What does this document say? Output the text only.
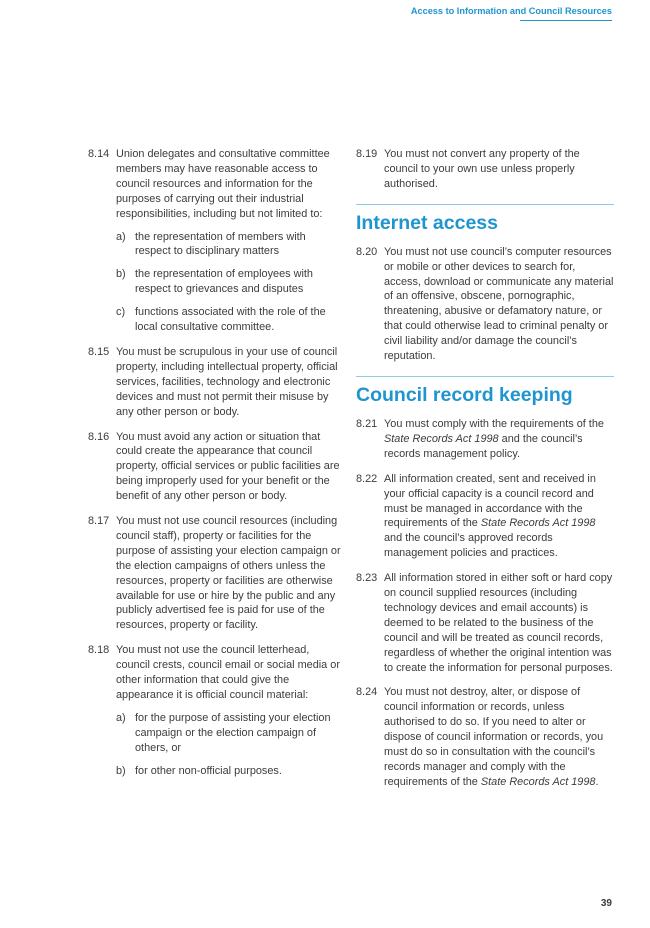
Access to Information and Council Resources
8.14 Union delegates and consultative committee members may have reasonable access to council resources and information for the purposes of carrying out their industrial responsibilities, including but not limited to:

a) the representation of members with respect to disciplinary matters
b) the representation of employees with respect to grievances and disputes
c) functions associated with the role of the local consultative committee.
8.15 You must be scrupulous in your use of council property, including intellectual property, official services, facilities, technology and electronic devices and must not permit their misuse by any other person or body.

8.16 You must avoid any action or situation that could create the appearance that council property, official services or public facilities are being improperly used for your benefit or the benefit of any other person or body.

8.17 You must not use council resources (including council staff), property or facilities for the purpose of assisting your election campaign or the election campaigns of others unless the resources, property or facilities are otherwise available for use or hire by the public and any publicly advertised fee is paid for use of the resources, property or facility.

8.18 You must not use the council letterhead, council crests, council email or social media or other information that could give the appearance it is official council material:

a) for the purpose of assisting your election campaign or the election campaign of others, or
b) for other non-official purposes.
8.19 You must not convert any property of the council to your own use unless properly authorised.

Internet access
8.20 You must not use council’s computer resources or mobile or other devices to search for, access, download or communicate any material of an offensive, obscene, pornographic, threatening, abusive or defamatory nature, or that could otherwise lead to criminal penalty or civil liability and/or damage the council’s reputation.

Council record keeping
8.21 You must comply with the requirements of the State Records Act 1998 and the council’s records management policy.

8.22 All information created, sent and received in your official capacity is a council record and must be managed in accordance with the requirements of the State Records Act 1998 and the council’s approved records management policies and practices.

8.23 All information stored in either soft or hard copy on council supplied resources (including technology devices and email accounts) is deemed to be related to the business of the council and will be treated as council records, regardless of whether the original intention was to create the information for personal purposes.

8.24 You must not destroy, alter, or dispose of council information or records, unless authorised to do so. If you need to alter or dispose of council information or records, you must do so in consultation with the council’s records manager and comply with the requirements of the State Records Act 1998.

39
